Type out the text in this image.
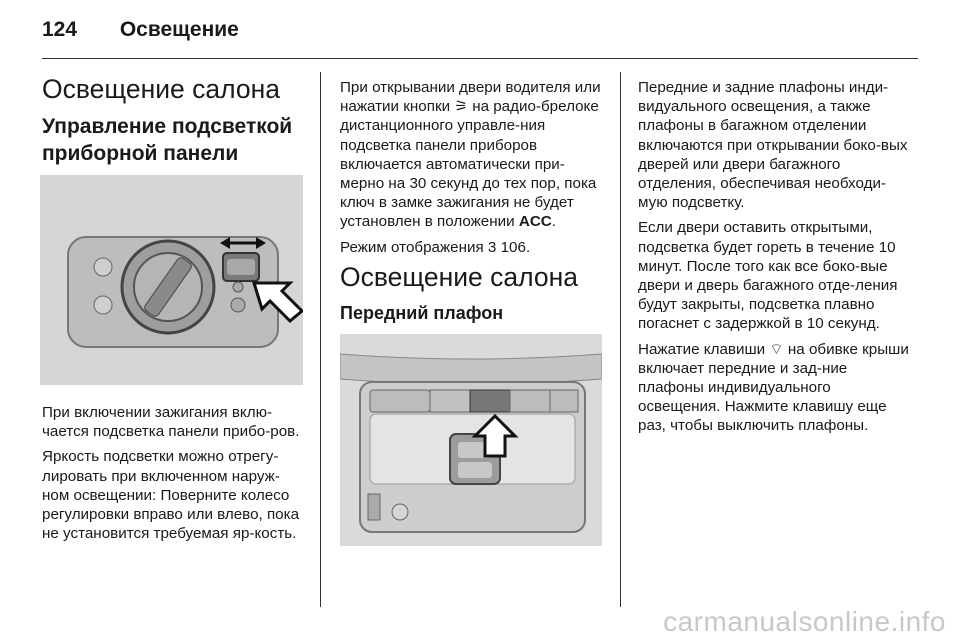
124 Освещение
Освещение салона
Управление подсветкой приборной панели

При включении зажигания вклю-чается подсветка панели прибо-ров.

Яркость подсветки можно отрегу-лировать при включенном наруж-ном освещении: Поверните колесо регулировки вправо или влево, пока не установится требуемая яр-кость.

При открывании двери водителя или нажатии кнопки ⚞ на радио-брелоке дистанционного управле-ния подсветка панели приборов включается автоматически при-мерно на 30 секунд до тех пор, пока ключ в замке зажигания не будет установлен в положении ACC.

Режим отображения 3 106.

Освещение салона
Передний плафон

Передние и задние плафоны инди-видуального освещения, а также плафоны в багажном отделении включаются при открывании боко-вых дверей или двери багажного отделения, обеспечивая необходи-мую подсветку.

Если двери оставить открытыми, подсветка будет гореть в течение 10 минут. После того как все боко-вые двери и дверь багажного отде-ления будут закрыты, подсветка плавно погаснет с задержкой в 10 секунд.

Нажатие клавиши ⌔ на обивке крыши включает передние и зад-ние плафоны индивидуального освещения. Нажмите клавишу еще раз, чтобы выключить плафоны.

carmanualsonline.info
